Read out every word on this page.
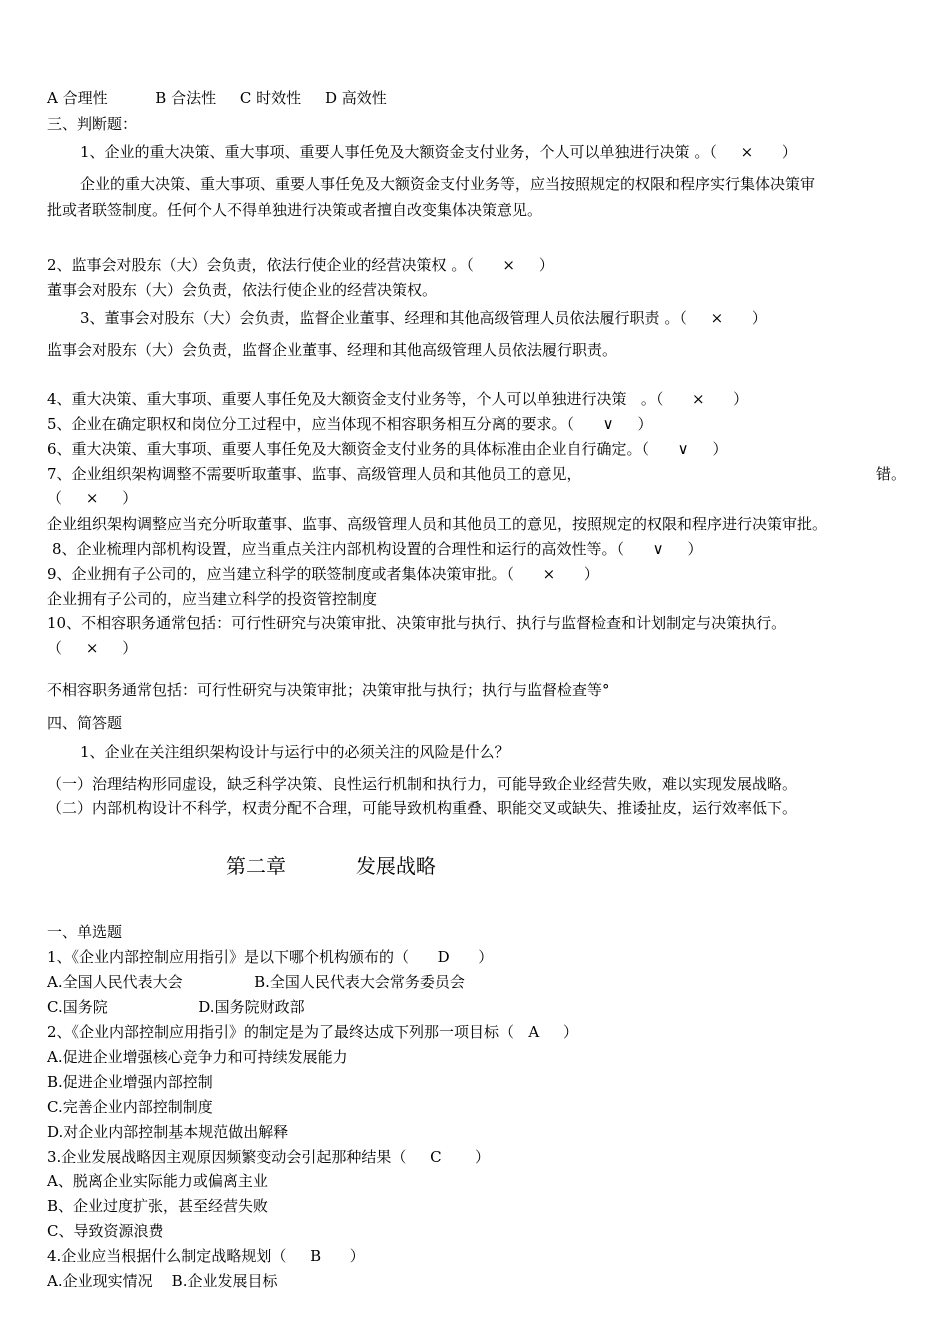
A 合理性          B 合法性     C 时效性     D 高效性
三、判断题：
1、企业的重大决策、重大事项、重要人事任免及大额资金支付业务，个人可以单独进行决策 。（     ×      ）
企业的重大决策、重大事项、重要人事任免及大额资金支付业务等，应当按照规定的权限和程序实行集体决策审
批或者联签制度。任何个人不得单独进行决策或者擅自改变集体决策意见。
2、监事会对股东（大）会负责，依法行使企业的经营决策权 。（      ×     ）
董事会对股东（大）会负责，依法行使企业的经营决策权。
3、董事会对股东（大）会负责，监督企业董事、经理和其他高级管理人员依法履行职责 。（     ×      ）
监事会对股东（大）会负责，监督企业董事、经理和其他高级管理人员依法履行职责。
4、重大决策、重大事项、重要人事任免及大额资金支付业务等，个人可以单独进行决策   。（      ×      ）
5、企业在确定职权和岗位分工过程中，应当体现不相容职务相互分离的要求。（      ∨     ）
6、重大决策、重大事项、重要人事任免及大额资金支付业务的具体标准由企业自行确定。（      ∨     ）
7、企业组织架构调整不需要听取董事、监事、高级管理人员和其他员工的意见，	错。
（     ×     ）
企业组织架构调整应当充分听取董事、监事、高级管理人员和其他员工的意见，按照规定的权限和程序进行决策审批。
8、企业梳理内部机构设置，应当重点关注内部机构设置的合理性和运行的高效性等。（      ∨     ）
9、企业拥有子公司的，应当建立科学的联签制度或者集体决策审批。（      ×      ）
企业拥有子公司的，应当建立科学的投资管控制度
10、不相容职务通常包括：可行性研究与决策审批、决策审批与执行、执行与监督检查和计划制定与决策执行。
（     ×     ）
不相容职务通常包括：可行性研究与决策审批；决策审批与执行；执行与监督检查等°
四、简答题
1、企业在关注组织架构设计与运行中的必须关注的风险是什么？
（一）治理结构形同虚设，缺乏科学决策、良性运行机制和执行力，可能导致企业经营失败，难以实现发展战略。
（二）内部机构设计不科学，权责分配不合理，可能导致机构重叠、职能交叉或缺失、推诿扯皮，运行效率低下。
第二章           发展战略
一、单选题
1、《企业内部控制应用指引》是以下哪个机构颁布的（      D      ）
A.全国人民代表大会               B.全国人民代表大会常务委员会
C.国务院                   D.国务院财政部
2、《企业内部控制应用指引》的制定是为了最终达成下列那一项目标（   A     ）
A.促进企业增强核心竞争力和可持续发展能力
B.促进企业增强内部控制
C.完善企业内部控制制度
D.对企业内部控制基本规范做出解释
3.企业发展战略因主观原因频繁变动会引起那种结果（     C       ）
A、脱离企业实际能力或偏离主业
B、企业过度扩张，甚至经营失败
C、导致资源浪费
4.企业应当根据什么制定战略规划（     B      ）
A.企业现实情况    B.企业发展目标
